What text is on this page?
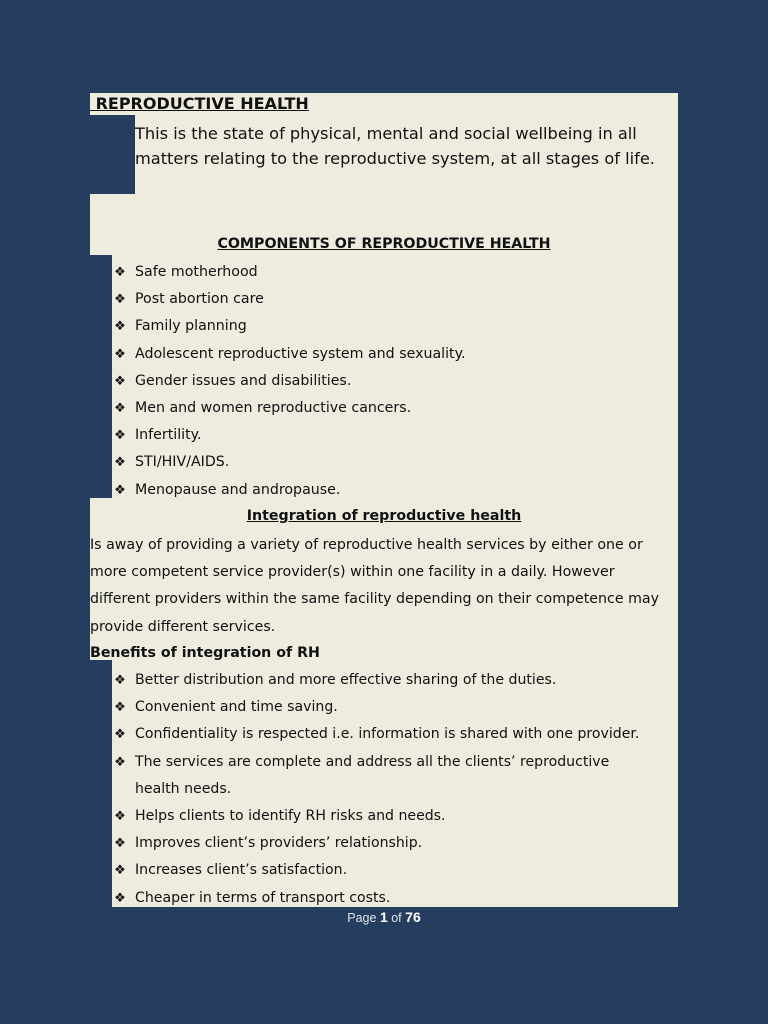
REPRODUCTIVE HEALTH
This is the state of physical, mental and social wellbeing in all matters relating to the reproductive system, at all stages of life.
COMPONENTS OF REPRODUCTIVE HEALTH
❖ Safe motherhood
❖ Post abortion care
❖ Family planning
❖ Adolescent reproductive system and sexuality.
❖ Gender issues and disabilities.
❖ Men and women reproductive cancers.
❖ Infertility.
❖ STI/HIV/AIDS.
❖ Menopause and andropause.
Integration of reproductive health
Is away of providing a variety of reproductive health services by either one or more competent service provider(s) within one facility in a daily. However different providers within the same facility depending on their competence may provide different services.
Benefits of integration of RH
❖ Better distribution and more effective sharing of the duties.
❖ Convenient and time saving.
❖ Confidentiality is respected i.e. information is shared with one provider.
❖ The services are complete and address all the clients’ reproductive health needs.
❖ Helps clients to identify RH risks and needs.
❖ Improves client’s providers’ relationship.
❖ Increases client’s satisfaction.
❖ Cheaper in terms of transport costs.
Page 1 of 76
